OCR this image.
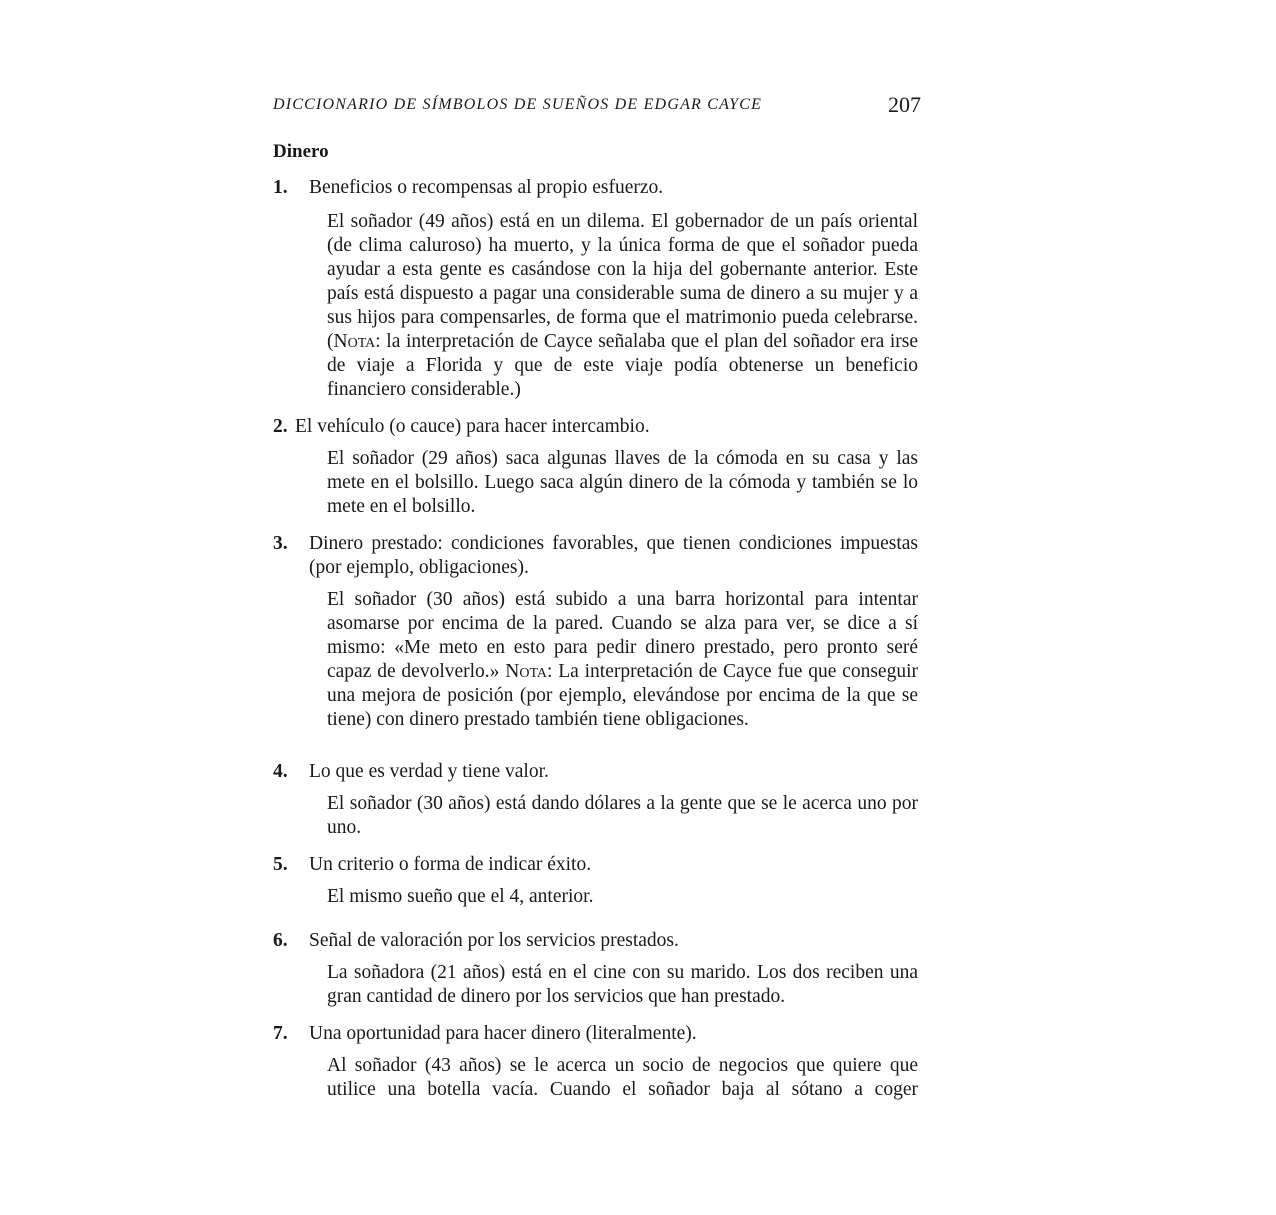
DICCIONARIO DE SÍMBOLOS DE SUEÑOS DE EDGAR CAYCE	207
Dinero
1. Beneficios o recompensas al propio esfuerzo.
El soñador (49 años) está en un dilema. El gobernador de un país oriental (de clima caluroso) ha muerto, y la única forma de que el soñador pueda ayudar a esta gente es casándose con la hija del gobernante anterior. Este país está dispuesto a pagar una considerable suma de dinero a su mujer y a sus hijos para compensarles, de forma que el matrimonio pueda celebrarse. (Nota: la interpretación de Cayce señalaba que el plan del soñador era irse de viaje a Florida y que de este viaje podía obtenerse un beneficio financiero considerable.)
2. El vehículo (o cauce) para hacer intercambio.
El soñador (29 años) saca algunas llaves de la cómoda en su casa y las mete en el bolsillo. Luego saca algún dinero de la cómoda y también se lo mete en el bolsillo.
3. Dinero prestado: condiciones favorables, que tienen condiciones impuestas (por ejemplo, obligaciones).
El soñador (30 años) está subido a una barra horizontal para intentar asomarse por encima de la pared. Cuando se alza para ver, se dice a sí mismo: «Me meto en esto para pedir dinero prestado, pero pronto seré capaz de devolverlo.» Nota: La interpretación de Cayce fue que conseguir una mejora de posición (por ejemplo, elevándose por encima de la que se tiene) con dinero prestado también tiene obligaciones.
4. Lo que es verdad y tiene valor.
El soñador (30 años) está dando dólares a la gente que se le acerca uno por uno.
5. Un criterio o forma de indicar éxito.
El mismo sueño que el 4, anterior.
6. Señal de valoración por los servicios prestados.
La soñadora (21 años) está en el cine con su marido. Los dos reciben una gran cantidad de dinero por los servicios que han prestado.
7. Una oportunidad para hacer dinero (literalmente).
Al soñador (43 años) se le acerca un socio de negocios que quiere que utilice una botella vacía. Cuando el soñador baja al sótano a coger
